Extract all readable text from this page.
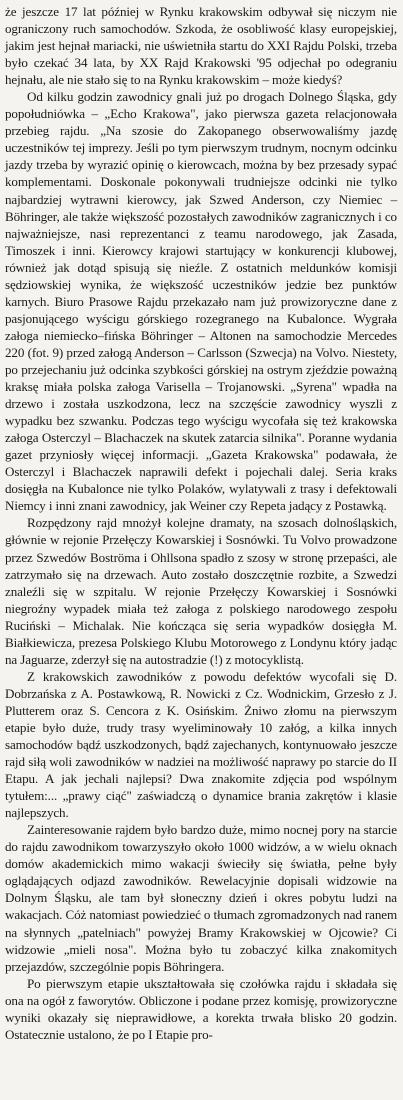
że jeszcze 17 lat później w Rynku krakowskim odbywał się niczym nie ograniczony ruch samochodów. Szkoda, że osobliwość klasy europejskiej, jakim jest hejnał mariacki, nie uświetniła startu do XXI Rajdu Polski, trzeba było czekać 34 lata, by XX Rajd Krakowski '95 odjechał po odegraniu hejnału, ale nie stało się to na Rynku krakowskim – może kiedyś?

Od kilku godzin zawodnicy gnali już po drogach Dolnego Śląska, gdy popołudniówka – „Echo Krakowa", jako pierwsza gazeta relacjonowała przebieg rajdu. „Na szosie do Zakopanego obserwowaliśmy jazdę uczestników tej imprezy. Jeśli po tym pierwszym trudnym, nocnym odcinku jazdy trzeba by wyrazić opinię o kierowcach, można by bez przesady sypać komplementami. Doskonale pokonywali trudniejsze odcinki nie tylko najbardziej wytrawni kierowcy, jak Szwed Anderson, czy Niemiec – Böhringer, ale także większość pozostałych zawodników zagranicznych i co najważniejsze, nasi reprezentanci z teamu narodowego, jak Zasada, Timoszek i inni. Kierowcy krajowi startujący w konkurencji klubowej, również jak dotąd spisują się nieźle. Z ostatnich meldunków komisji sędziowskiej wynika, że większość uczestników jedzie bez punktów karnych. Biuro Prasowe Rajdu przekazało nam już prowizoryczne dane z pasjonującego wyścigu górskiego rozegranego na Kubalonce. Wygrała załoga niemiecko–fińska Böhringer – Altonen na samochodzie Mercedes 220 (fot. 9) przed załogą Anderson – Carlsson (Szwecja) na Volvo. Niestety, po przejechaniu już odcinka szybkości górskiej na ostrym zjeździe poważną kraksę miała polska załoga Varisella – Trojanowski. „Syrena" wpadła na drzewo i została uszkodzona, lecz na szczęście zawodnicy wyszli z wypadku bez szwanku. Podczas tego wyścigu wycofała się też krakowska załoga Osterczyl – Blachaczek na skutek zatarcia silnika". Poranne wydania gazet przyniosły więcej informacji. „Gazeta Krakowska" podawała, że Osterczyl i Blachaczek naprawili defekt i pojechali dalej. Seria kraks dosięgła na Kubalonce nie tylko Polaków, wylatywali z trasy i defektowali Niemcy i inni znani zawodnicy, jak Weiner czy Repeta jadący z Postawką.

Rozpędzony rajd mnożył kolejne dramaty, na szosach dolnośląskich, głównie w rejonie Przełęczy Kowarskiej i Sosnówki. Tu Volvo prowadzone przez Szwedów Boströma i Ohllsona spadło z szosy w stronę przepaści, ale zatrzymało się na drzewach. Auto zostało doszczętnie rozbite, a Szwedzi znaleźli się w szpitalu. W rejonie Przełęczy Kowarskiej i Sosnówki niegroźny wypadek miała też załoga z polskiego narodowego zespołu Ruciński – Michalak. Nie kończąca się seria wypadków dosięgła M. Białkiewicza, prezesa Polskiego Klubu Motorowego z Londynu który jadąc na Jaguarze, zderzył się na autostradzie (!) z motocyklistą.

Z krakowskich zawodników z powodu defektów wycofali się D. Dobrzańska z A. Postawkową, R. Nowicki z Cz. Wodnickim, Grzesło z J. Plutterem oraz S. Cencora z K. Osińskim. Żniwo złomu na pierwszym etapie było duże, trudy trasy wyeliminowały 10 załóg, a kilka innych samochodów bądź uszkodzonych, bądź zajechanych, kontynuowało jeszcze rajd siłą woli zawodników w nadziei na możliwość naprawy po starcie do II Etapu. A jak jechali najlepsi? Dwa znakomite zdjęcia pod wspólnym tytułem:... „prawy ciąć" zaświadczą o dynamice brania zakrętów i klasie najlepszych.

Zainteresowanie rajdem było bardzo duże, mimo nocnej pory na starcie do rajdu zawodnikom towarzyszyło około 1000 widzów, a w wielu oknach domów akademickich mimo wakacji świeciły się światła, pełne były oglądających odjazd zawodników. Rewelacyjnie dopisali widzowie na Dolnym Śląsku, ale tam był słoneczny dzień i okres pobytu ludzi na wakacjach. Cóż natomiast powiedzieć o tłumach zgromadzonych nad ranem na słynnych „patelniach" powyżej Bramy Krakowskiej w Ojcowie? Ci widzowie „mieli nosa". Można było tu zobaczyć kilka znakomitych przejazdów, szczególnie popis Böhringera.

Po pierwszym etapie ukształtowała się czołówka rajdu i składała się ona na ogół z faworytów. Obliczone i podane przez komisję, prowizoryczne wyniki okazały się nieprawidłowe, a korekta trwała blisko 20 godzin. Ostatecznie ustalono, że po I Etapie pro-
